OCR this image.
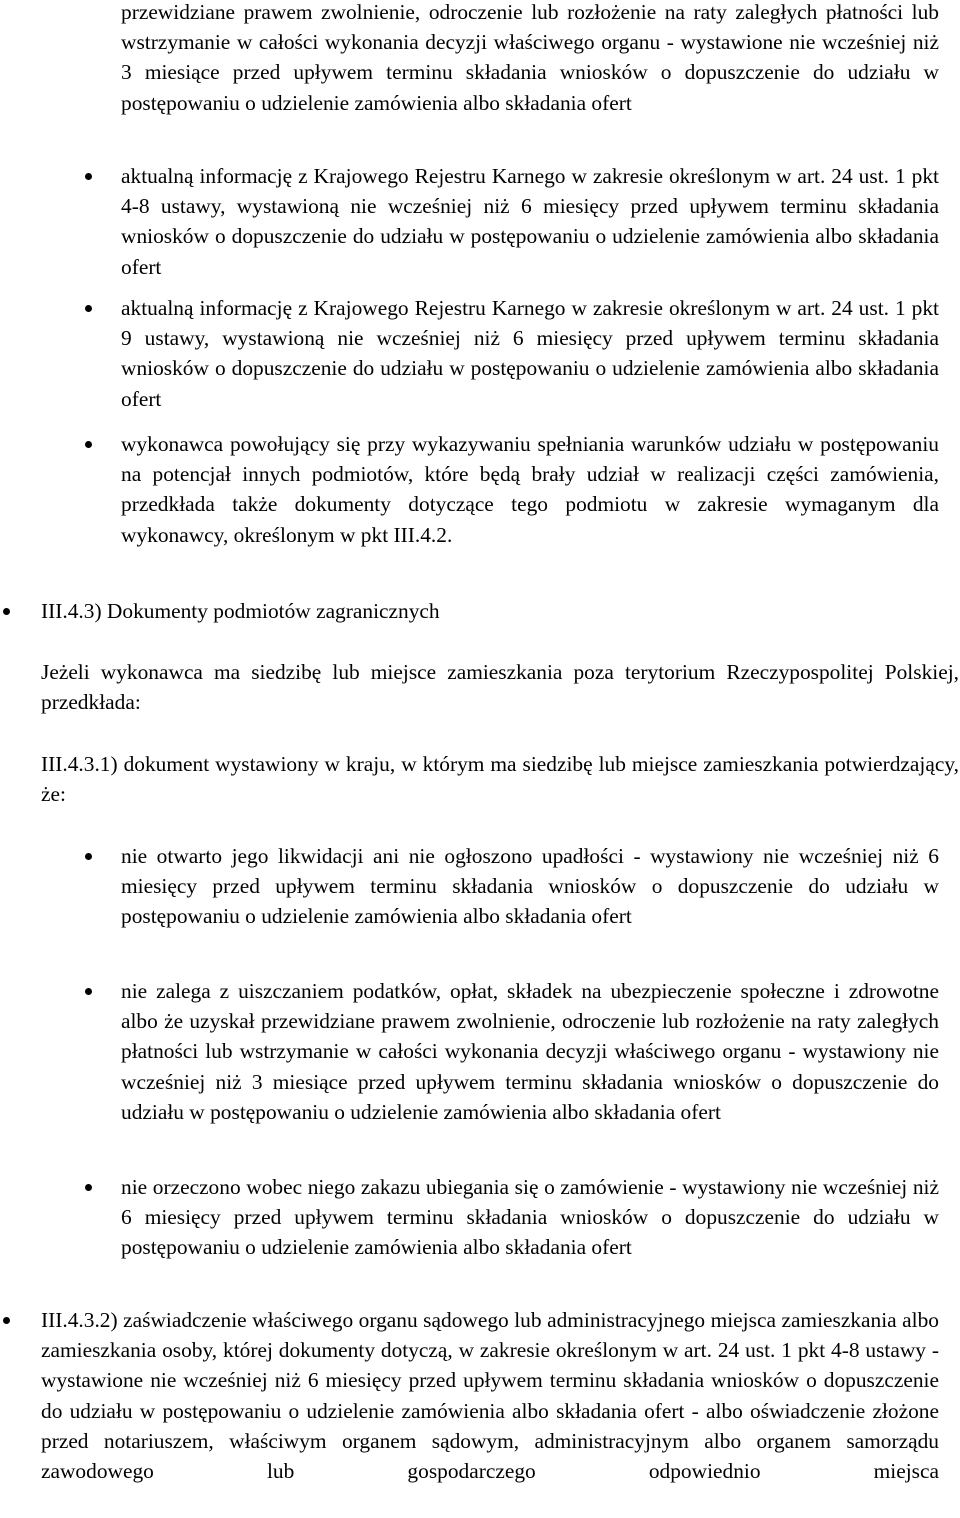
przewidziane prawem zwolnienie, odroczenie lub rozłożenie na raty zaległych płatności lub wstrzymanie w całości wykonania decyzji właściwego organu - wystawione nie wcześniej niż 3 miesiące przed upływem terminu składania wniosków o dopuszczenie do udziału w postępowaniu o udzielenie zamówienia albo składania ofert

aktualną informację z Krajowego Rejestru Karnego w zakresie określonym w art. 24 ust. 1 pkt 4-8 ustawy, wystawioną nie wcześniej niż 6 miesięcy przed upływem terminu składania wniosków o dopuszczenie do udziału w postępowaniu o udzielenie zamówienia albo składania ofert

aktualną informację z Krajowego Rejestru Karnego w zakresie określonym w art. 24 ust. 1 pkt 9 ustawy, wystawioną nie wcześniej niż 6 miesięcy przed upływem terminu składania wniosków o dopuszczenie do udziału w postępowaniu o udzielenie zamówienia albo składania ofert

wykonawca powołujący się przy wykazywaniu spełniania warunków udziału w postępowaniu na potencjał innych podmiotów, które będą brały udział w realizacji części zamówienia, przedkłada także dokumenty dotyczące tego podmiotu w zakresie wymaganym dla wykonawcy, określonym w pkt III.4.2.

III.4.3) Dokumenty podmiotów zagranicznych

Jeżeli wykonawca ma siedzibę lub miejsce zamieszkania poza terytorium Rzeczypospolitej Polskiej, przedkłada:

III.4.3.1) dokument wystawiony w kraju, w którym ma siedzibę lub miejsce zamieszkania potwierdzający, że:

nie otwarto jego likwidacji ani nie ogłoszono upadłości - wystawiony nie wcześniej niż 6 miesięcy przed upływem terminu składania wniosków o dopuszczenie do udziału w postępowaniu o udzielenie zamówienia albo składania ofert

nie zalega z uiszczaniem podatków, opłat, składek na ubezpieczenie społeczne i zdrowotne albo że uzyskał przewidziane prawem zwolnienie, odroczenie lub rozłożenie na raty zaległych płatności lub wstrzymanie w całości wykonania decyzji właściwego organu - wystawiony nie wcześniej niż 3 miesiące przed upływem terminu składania wniosków o dopuszczenie do udziału w postępowaniu o udzielenie zamówienia albo składania ofert

nie orzeczono wobec niego zakazu ubiegania się o zamówienie - wystawiony nie wcześniej niż 6 miesięcy przed upływem terminu składania wniosków o dopuszczenie do udziału w postępowaniu o udzielenie zamówienia albo składania ofert

III.4.3.2) zaświadczenie właściwego organu sądowego lub administracyjnego miejsca zamieszkania albo zamieszkania osoby, której dokumenty dotyczą, w zakresie określonym w art. 24 ust. 1 pkt 4-8 ustawy - wystawione nie wcześniej niż 6 miesięcy przed upływem terminu składania wniosków o dopuszczenie do udziału w postępowaniu o udzielenie zamówienia albo składania ofert - albo oświadczenie złożone przed notariuszem, właściwym organem sądowym, administracyjnym albo organem samorządu zawodowego lub gospodarczego odpowiednio miejsca
